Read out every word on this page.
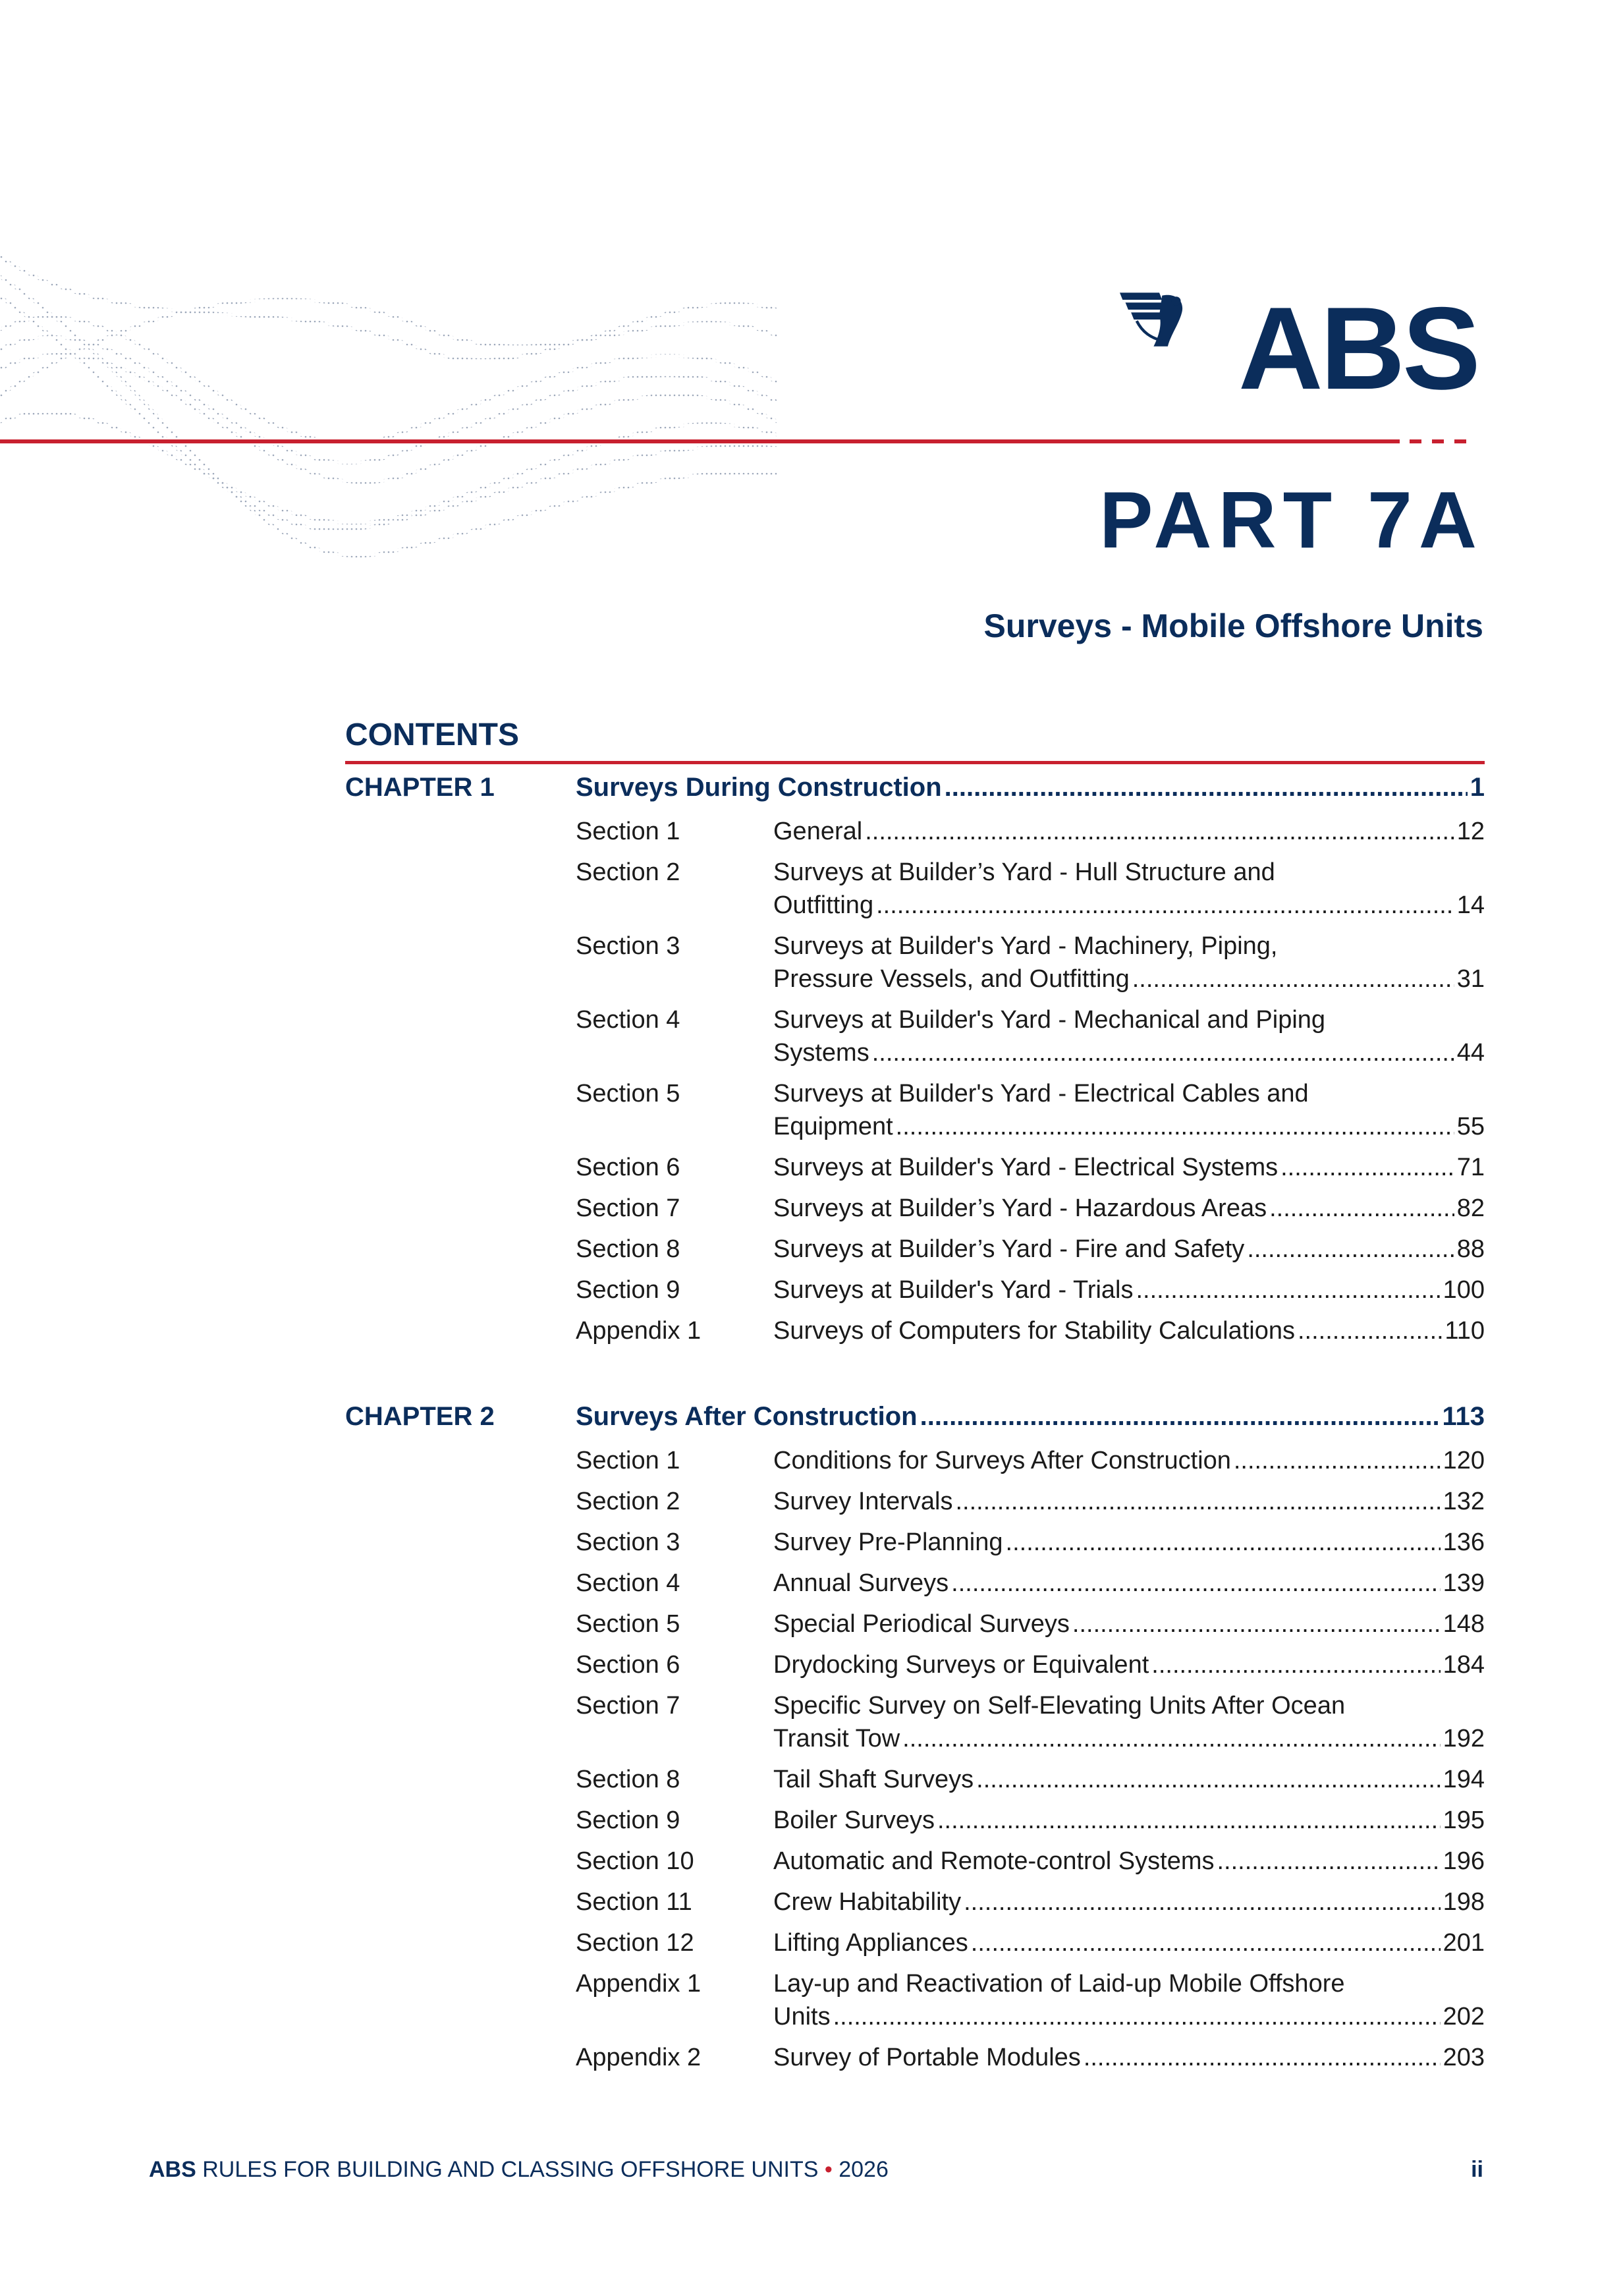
ABS
PART 7A
Surveys - Mobile Offshore Units
CONTENTS
CHAPTER 1	Surveys During Construction .....	1
Section 1	General .....	12
Section 2	Surveys at Builder’s Yard - Hull Structure and
Outfitting .....	14
Section 3	Surveys at Builder's Yard - Machinery, Piping,
Pressure Vessels, and Outfitting .....	31
Section 4	Surveys at Builder's Yard - Mechanical and Piping
Systems .....	44
Section 5	Surveys at Builder's Yard - Electrical Cables and
Equipment .....	55
Section 6	Surveys at Builder's Yard - Electrical Systems .....	71
Section 7	Surveys at Builder’s Yard - Hazardous Areas .....	82
Section 8	Surveys at Builder’s Yard - Fire and Safety .....	88
Section 9	Surveys at Builder's Yard - Trials .....	100
Appendix 1	Surveys of Computers for Stability Calculations .....	110
CHAPTER 2	Surveys After Construction .....	113
Section 1	Conditions for Surveys After Construction .....	120
Section 2	Survey Intervals .....	132
Section 3	Survey Pre-Planning .....	136
Section 4	Annual Surveys .....	139
Section 5	Special Periodical Surveys .....	148
Section 6	Drydocking Surveys or Equivalent .....	184
Section 7	Specific Survey on Self-Elevating Units After Ocean
Transit Tow .....	192
Section 8	Tail Shaft Surveys .....	194
Section 9	Boiler Surveys .....	195
Section 10	Automatic and Remote-control Systems .....	196
Section 11	Crew Habitability .....	198
Section 12	Lifting Appliances .....	201
Appendix 1	Lay-up and Reactivation of Laid-up Mobile Offshore
Units .....	202
Appendix 2	Survey of Portable Modules .....	203
ABS RULES FOR BUILDING AND CLASSING OFFSHORE UNITS • 2026	ii
